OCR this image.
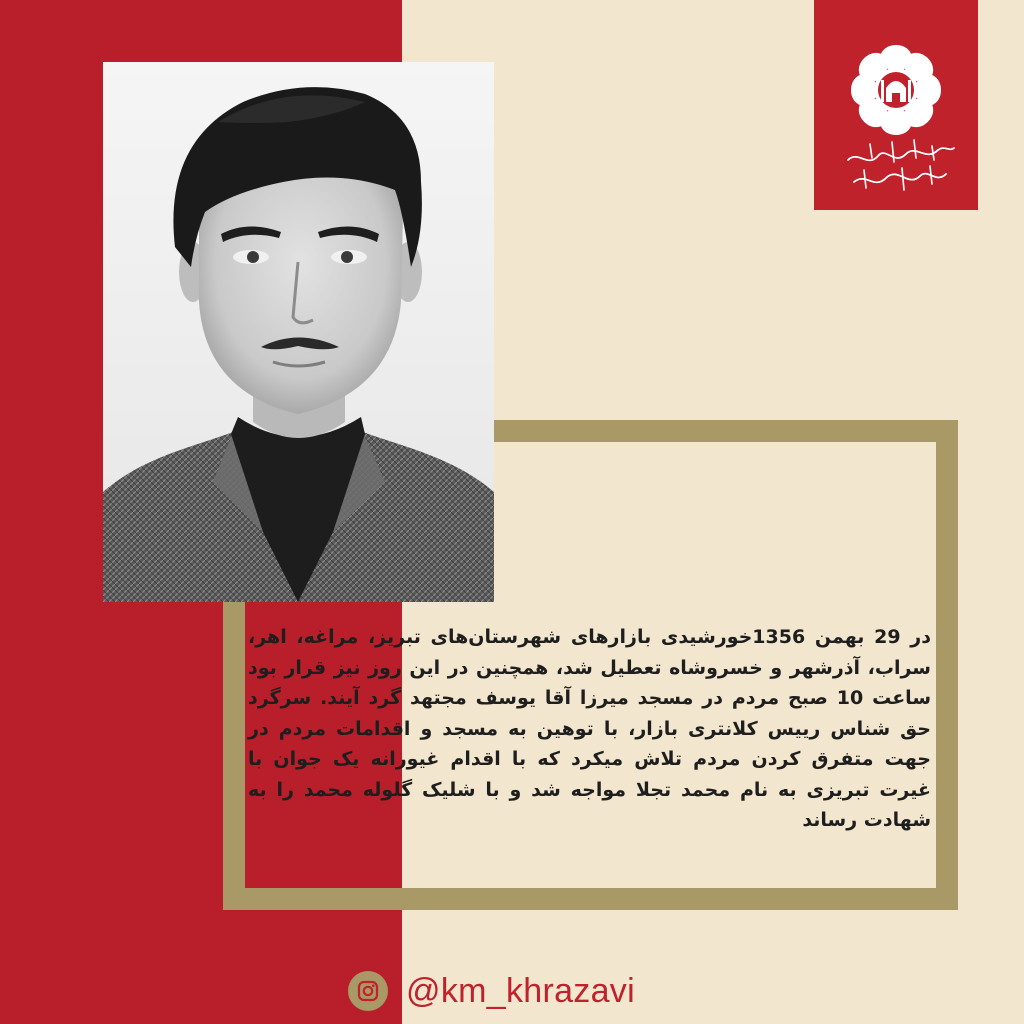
در 29 بهمن 1356خورشیدی بازارهای شهرستان‌های تبریز، مراغه، اهر، سراب، آذرشهر و خسروشاه تعطیل شد، همچنین در این روز نیز قرار بود ساعت 10 صبح مردم در مسجد میرزا آقا یوسف مجتهد گرد آیند. سرگرد حق شناس رییس کلانتری بازار، با توهین به مسجد و اقدامات مردم در جهت متفرق کردن مردم تلاش میکرد که با اقدام غیورانه یک جوان با غیرت تبریزی به نام محمد تجلا مواجه شد و با شلیک گلوله محمد را به شهادت رساند

@km_khrazavi
